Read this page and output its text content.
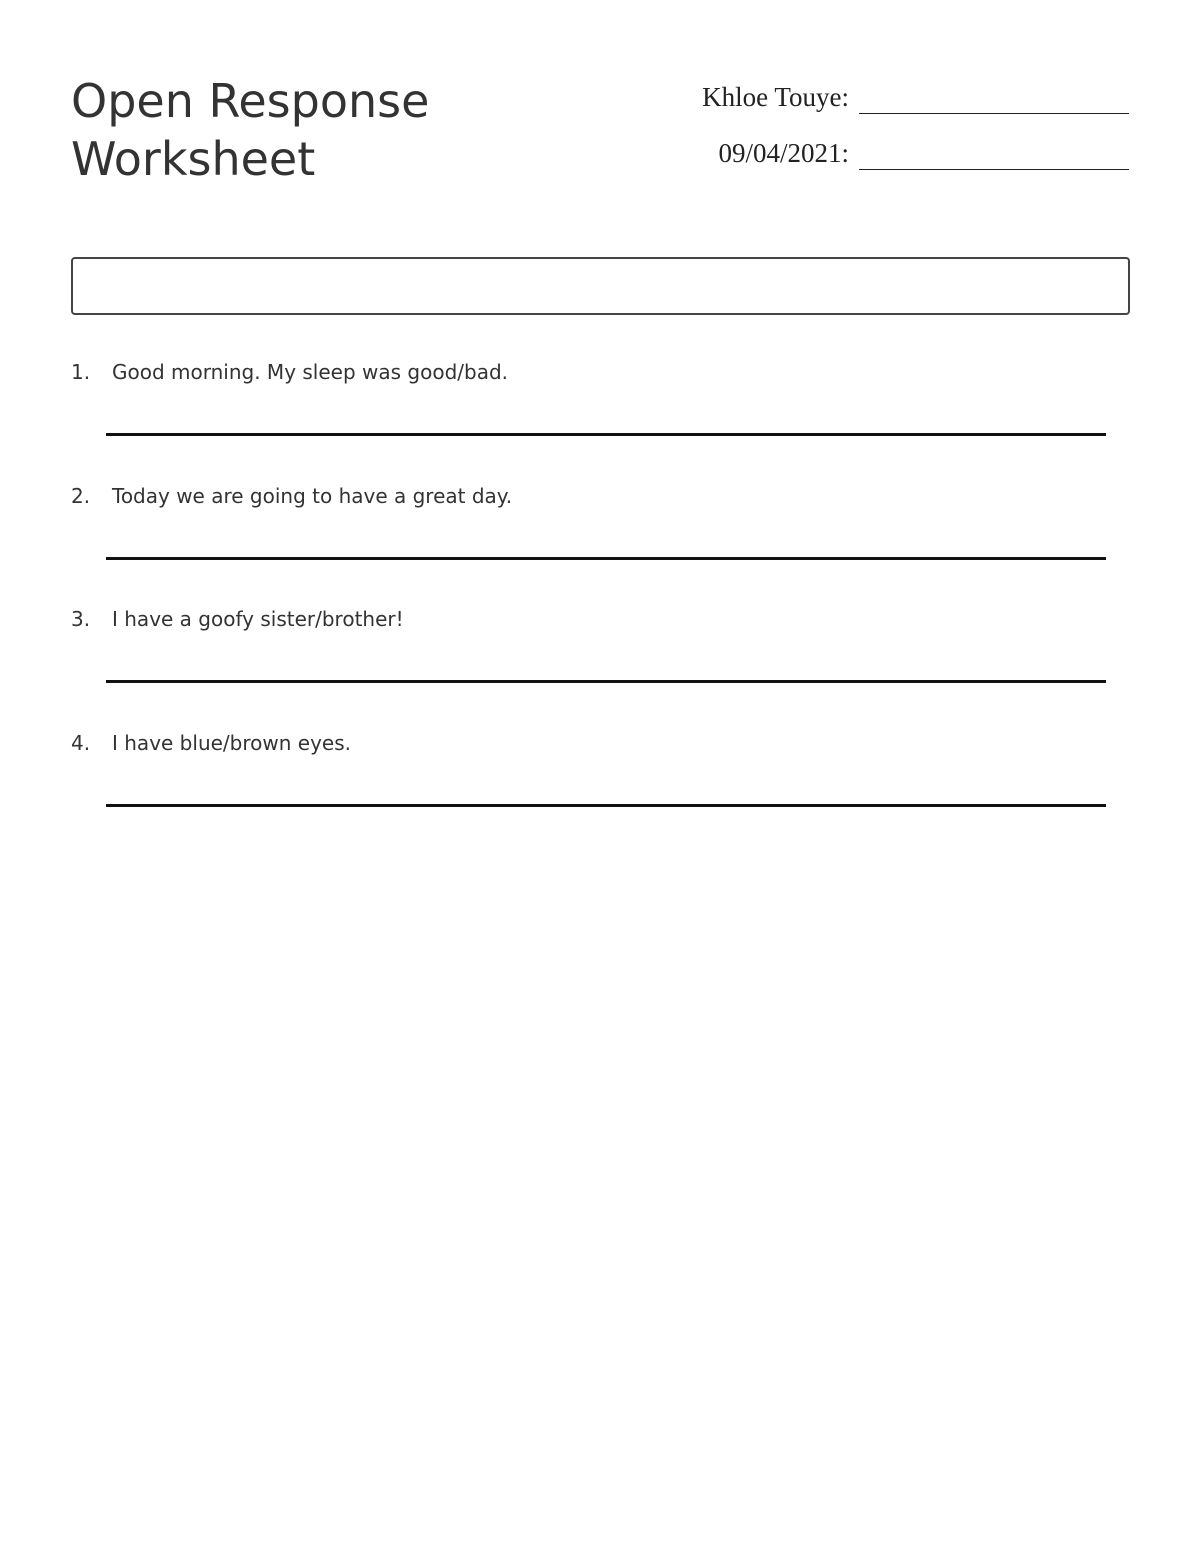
Open Response
Worksheet
Khloe Touye:
09/04/2021:
1. Good morning. My sleep was good/bad.
2. Today we are going to have a great day.
3. I have a goofy sister/brother!
4. I have blue/brown eyes.
